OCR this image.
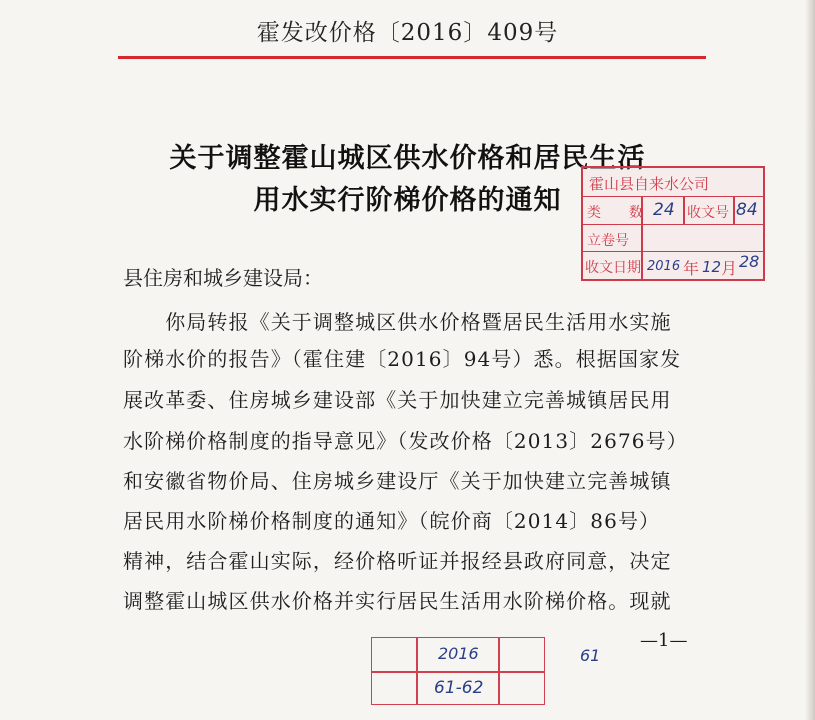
霍发改价格〔2016〕409号
关于调整霍山城区供水价格和居民生活
用水实行阶梯价格的通知
霍山县自来水公司
类　　数
立卷号
收文日期
收文号
24	84
2016 年 12 月 28
县住房和城乡建设局：
　　你局转报《关于调整城区供水价格暨居民生活用水实施
阶梯水价的报告》（霍住建〔2016〕94号）悉。根据国家发
展改革委、住房城乡建设部《关于加快建立完善城镇居民用
水阶梯价格制度的指导意见》（发改价格〔2013〕2676号）
和安徽省物价局、住房城乡建设厅《关于加快建立完善城镇
居民用水阶梯价格制度的通知》（皖价商〔2014〕86号）
精神，结合霍山实际，经价格听证并报经县政府同意，决定
调整霍山城区供水价格并实行居民生活用水阶梯价格。现就
—1—
2016
61-62
61
